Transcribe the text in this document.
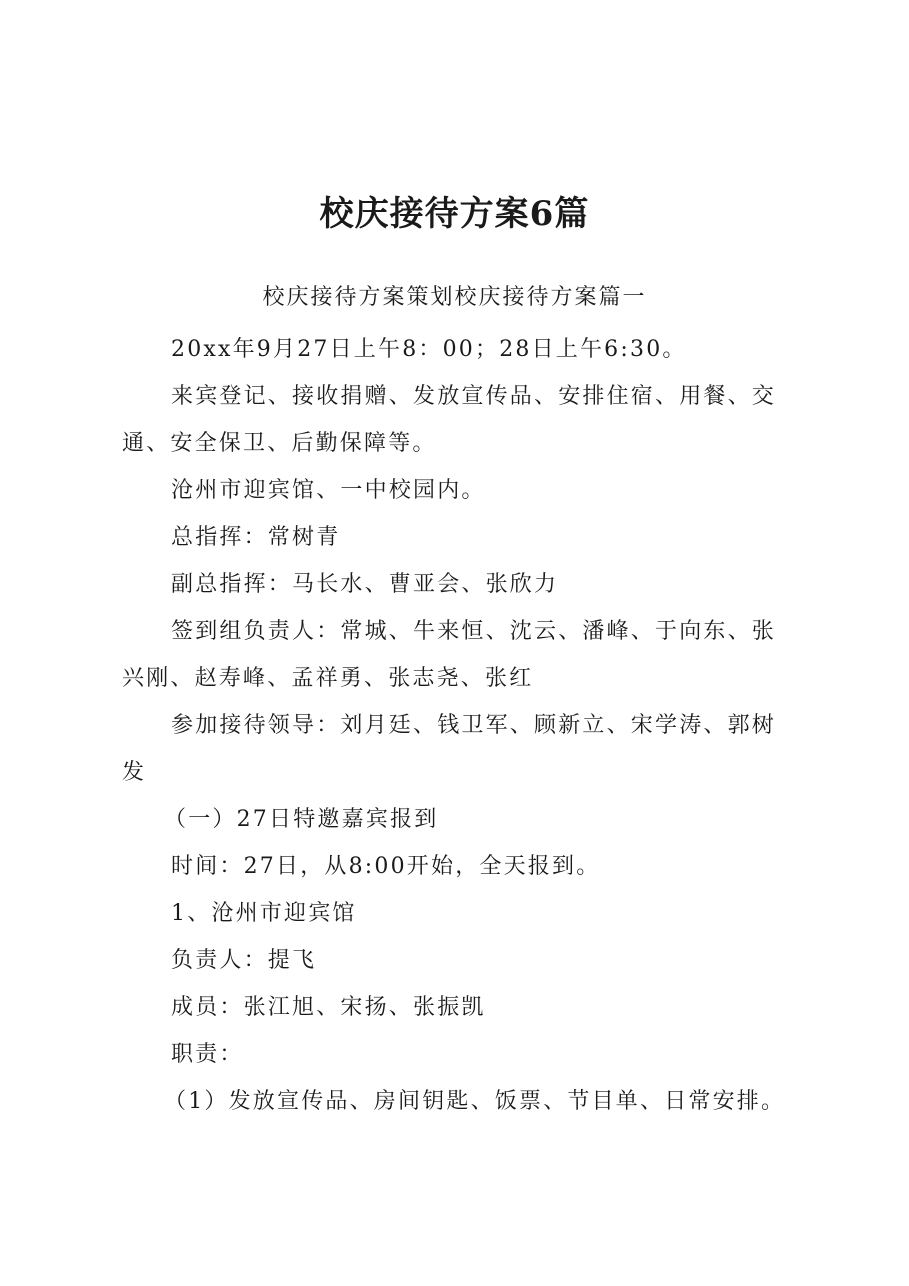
校庆接待方案6篇
校庆接待方案策划校庆接待方案篇一

20xx年9月27日上午8：00；28日上午6:30。

来宾登记、接收捐赠、发放宣传品、安排住宿、用餐、交通、安全保卫、后勤保障等。

沧州市迎宾馆、一中校园内。

总指挥：常树青

副总指挥：马长水、曹亚会、张欣力

签到组负责人：常城、牛来恒、沈云、潘峰、于向东、张兴刚、赵寿峰、孟祥勇、张志尧、张红

参加接待领导：刘月廷、钱卫军、顾新立、宋学涛、郭树发

（一）27日特邀嘉宾报到

时间：27日，从8:00开始，全天报到。

1、沧州市迎宾馆

负责人：提飞

成员：张江旭、宋扬、张振凯

职责：

（1）发放宣传品、房间钥匙、饭票、节目单、日常安排。
